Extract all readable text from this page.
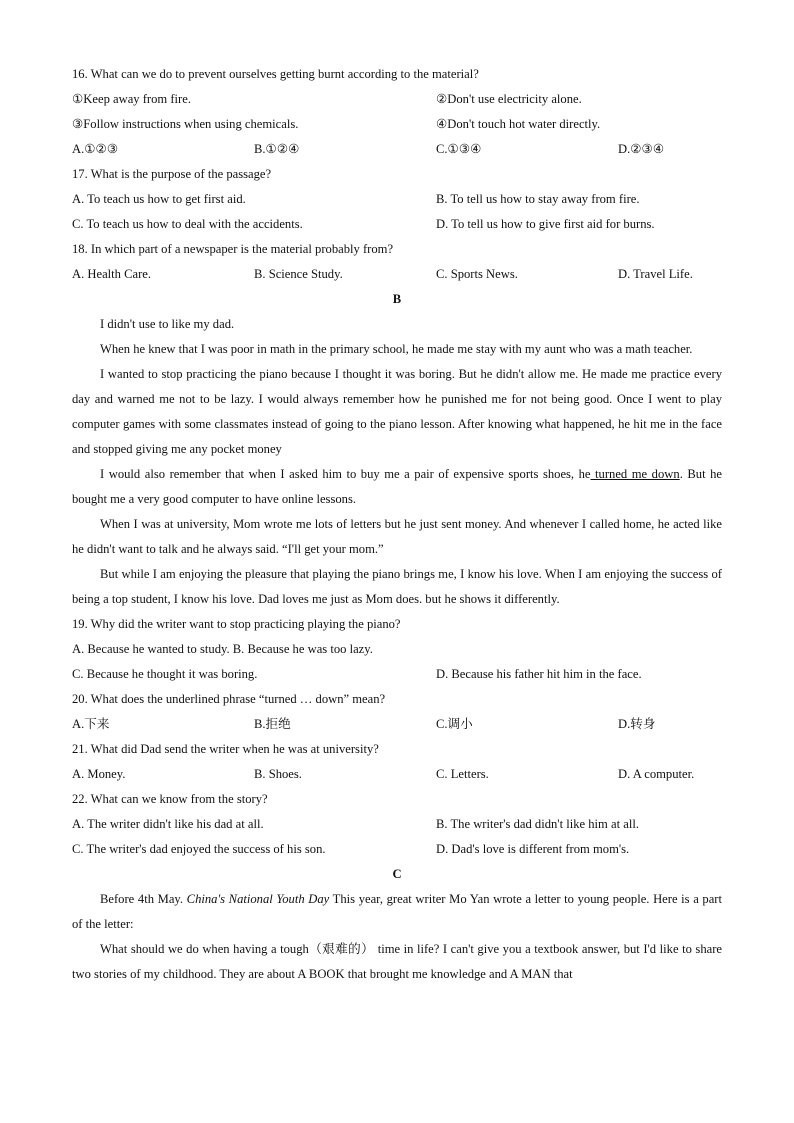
16. What can we do to prevent ourselves getting burnt according to the material?
①Keep away from fire.	②Don't use electricity alone.
③Follow instructions when using chemicals.	④Don't touch hot water directly.
A.①②③	B.①②④	C.①③④	D.②③④
17. What is the purpose of the passage?
A. To teach us how to get first aid.	B. To tell us how to stay away from fire.
C. To teach us how to deal with the accidents.	D. To tell us how to give first aid for burns.
18. In which part of a newspaper is the material probably from?
A. Health Care.	B. Science Study.	C. Sports News.	D. Travel Life.
B
I didn't use to like my dad.
When he knew that I was poor in math in the primary school, he made me stay with my aunt who was a math teacher.
I wanted to stop practicing the piano because I thought it was boring. But he didn't allow me. He made me practice every day and warned me not to be lazy. I would always remember how he punished me for not being good. Once I went to play computer games with some classmates instead of going to the piano lesson. After knowing what happened, he hit me in the face and stopped giving me any pocket money
I would also remember that when I asked him to buy me a pair of expensive sports shoes, he turned me down. But he bought me a very good computer to have online lessons.
When I was at university, Mom wrote me lots of letters but he just sent money. And whenever I called home, he acted like he didn't want to talk and he always said. “I'll get your mom.”
But while I am enjoying the pleasure that playing the piano brings me, I know his love. When I am enjoying the success of being a top student, I know his love. Dad loves me just as Mom does. but he shows it differently.
19. Why did the writer want to stop practicing playing the piano?
A. Because he wanted to study. B. Because he was too lazy.
C. Because he thought it was boring.	D. Because his father hit him in the face.
20. What does the underlined phrase “turned … down” mean?
A.下来	B.拒绝	C.调小	D.转身
21. What did Dad send the writer when he was at university?
A. Money.	B. Shoes.	C. Letters.	D. A computer.
22. What can we know from the story?
A. The writer didn't like his dad at all.	B. The writer's dad didn't like him at all.
C. The writer's dad enjoyed the success of his son.	D. Dad's love is different from mom's.
C
Before 4th May. China's National Youth Day This year, great writer Mo Yan wrote a letter to young people. Here is a part of the letter:
What should we do when having a tough（艰难的） time in life? I can't give you a textbook answer, but I'd like to share two stories of my childhood. They are about A BOOK that brought me knowledge and A MAN that
